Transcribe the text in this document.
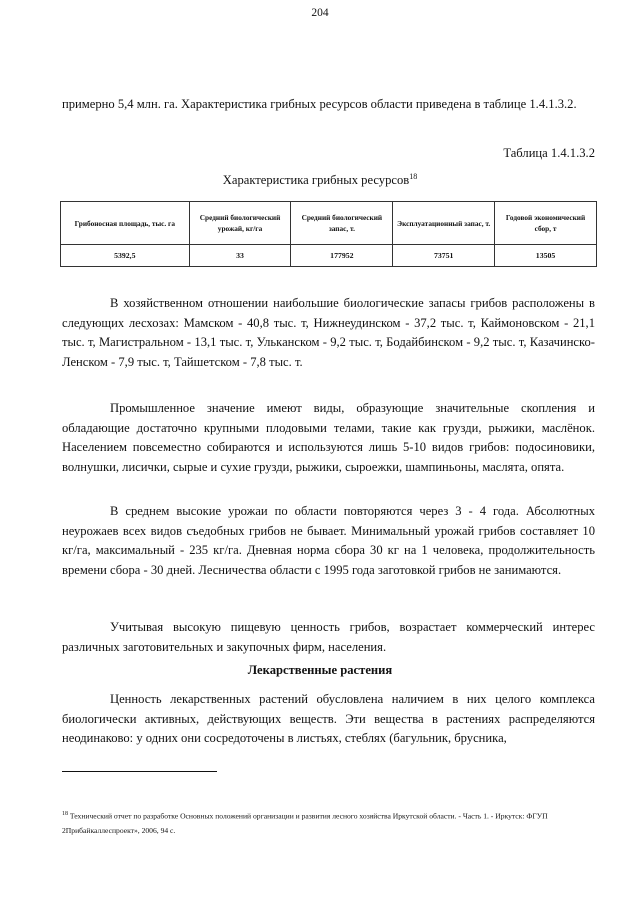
204

примерно 5,4 млн. га. Характеристика грибных ресурсов области приведена в таблице 1.4.1.3.2.

Таблица 1.4.1.3.2
Характеристика грибных ресурсов$^{18}$
Грибоносная площадь, тыс. га	Средний биологический урожай, кг/га	Средний биологический запас, т.	Эксплуатационный запас, т.	Годовой экономический сбор, т
5392,5	33	177952	73751	13505

В хозяйственном отношении наибольшие биологические запасы грибов расположены в следующих лесхозах: Мамском - 40,8 тыс. т, Нижнеудинском - 37,2 тыс. т, Каймоновском - 21,1 тыс. т, Магистральном - 13,1 тыс. т, Ульканском - 9,2 тыс. т, Бодайбинском - 9,2 тыс. т, Казачинско-Ленском - 7,9 тыс. т, Тайшетском - 7,8 тыс. т.

Промышленное значение имеют виды, образующие значительные скопления и обладающие достаточно крупными плодовыми телами, такие как грузди, рыжики, маслёнок. Населением повсеместно собираются и используются лишь 5-10 видов грибов: подосиновики, волнушки, лисички, сырые и сухие грузди, рыжики, сыроежки, шампиньоны, маслята, опята.

В среднем высокие урожаи по области повторяются через 3 - 4 года. Абсолютных неурожаев всех видов съедобных грибов не бывает. Минимальный урожай грибов составляет 10 кг/га, максимальный - 235 кг/га. Дневная норма сбора 30 кг на 1 человека, продолжительность времени сбора - 30 дней. Лесничества области с 1995 года заготовкой грибов не занимаются.

Учитывая высокую пищевую ценность грибов, возрастает коммерческий интерес различных заготовительных и закупочных фирм, населения.

Лекарственные растения

Ценность лекарственных растений обусловлена наличием в них целого комплекса биологически активных, действующих веществ. Эти вещества в растениях распределяются неодинаково: у одних они сосредоточены в листьях, стеблях (багульник, брусника,

$^{18}$ Технический отчет по разработке Основных положений организации и развития лесного хозяйства Иркутской области. - Часть 1. - Иркутск: ФГУП 2Прибайкаллеспроект», 2006, 94 с.
